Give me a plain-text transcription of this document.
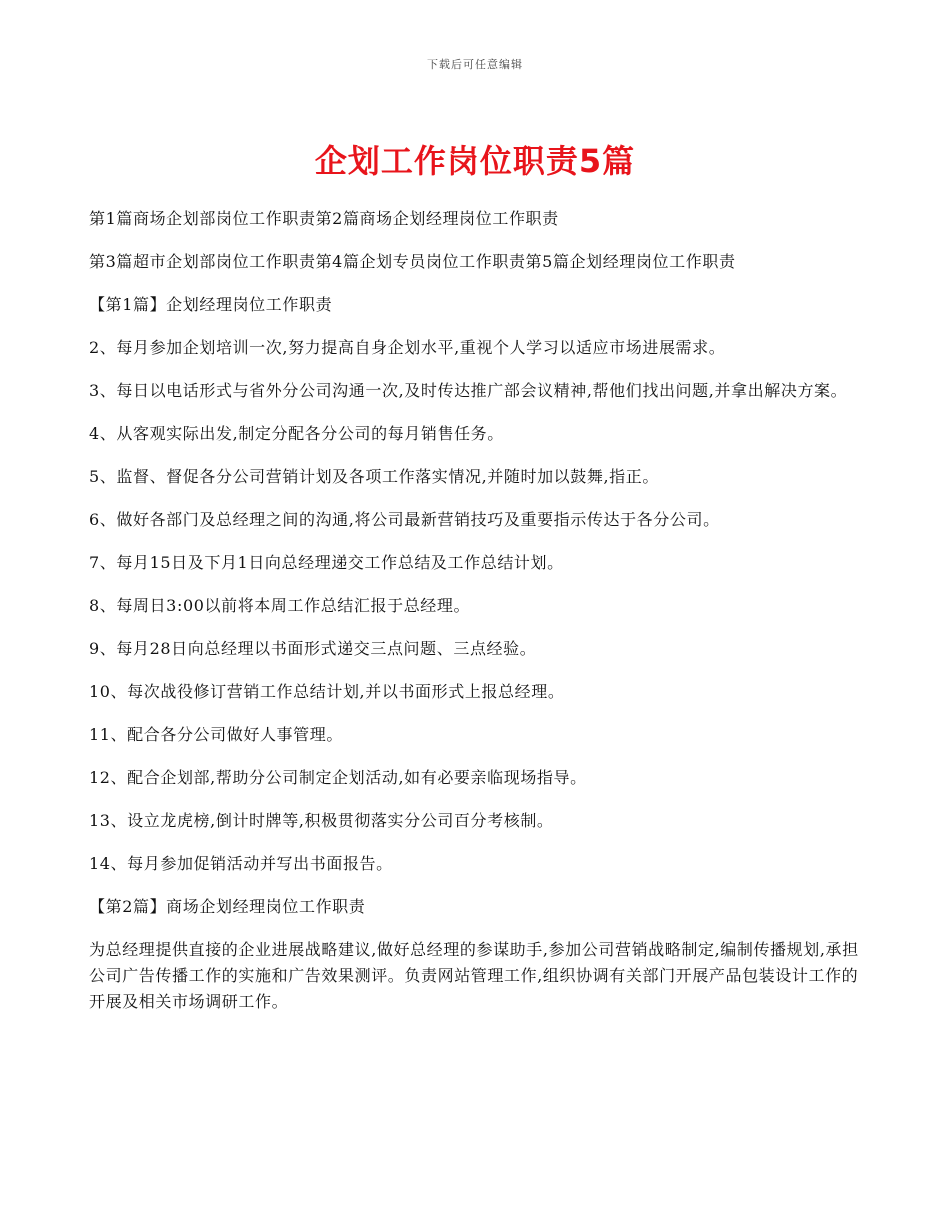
下载后可任意编辑
企划工作岗位职责5篇

第1篇商场企划部岗位工作职责第2篇商场企划经理岗位工作职责

第3篇超市企划部岗位工作职责第4篇企划专员岗位工作职责第5篇企划经理岗位工作职责

【第1篇】企划经理岗位工作职责

2、每月参加企划培训一次,努力提高自身企划水平,重视个人学习以适应市场进展需求。

3、每日以电话形式与省外分公司沟通一次,及时传达推广部会议精神,帮他们找出问题,并拿出解决方案。

4、从客观实际出发,制定分配各分公司的每月销售任务。

5、监督、督促各分公司营销计划及各项工作落实情况,并随时加以鼓舞,指正。

6、做好各部门及总经理之间的沟通,将公司最新营销技巧及重要指示传达于各分公司。

7、每月15日及下月1日向总经理递交工作总结及工作总结计划。

8、每周日3:00以前将本周工作总结汇报于总经理。

9、每月28日向总经理以书面形式递交三点问题、三点经验。

10、每次战役修订营销工作总结计划,并以书面形式上报总经理。

11、配合各分公司做好人事管理。

12、配合企划部,帮助分公司制定企划活动,如有必要亲临现场指导。

13、设立龙虎榜,倒计时牌等,积极贯彻落实分公司百分考核制。

14、每月参加促销活动并写出书面报告。

【第2篇】商场企划经理岗位工作职责

为总经理提供直接的企业进展战略建议,做好总经理的参谋助手,参加公司营销战略制定,编制传播规划,承担公司广告传播工作的实施和广告效果测评。负责网站管理工作,组织协调有关部门开展产品包装设计工作的开展及相关市场调研工作。
